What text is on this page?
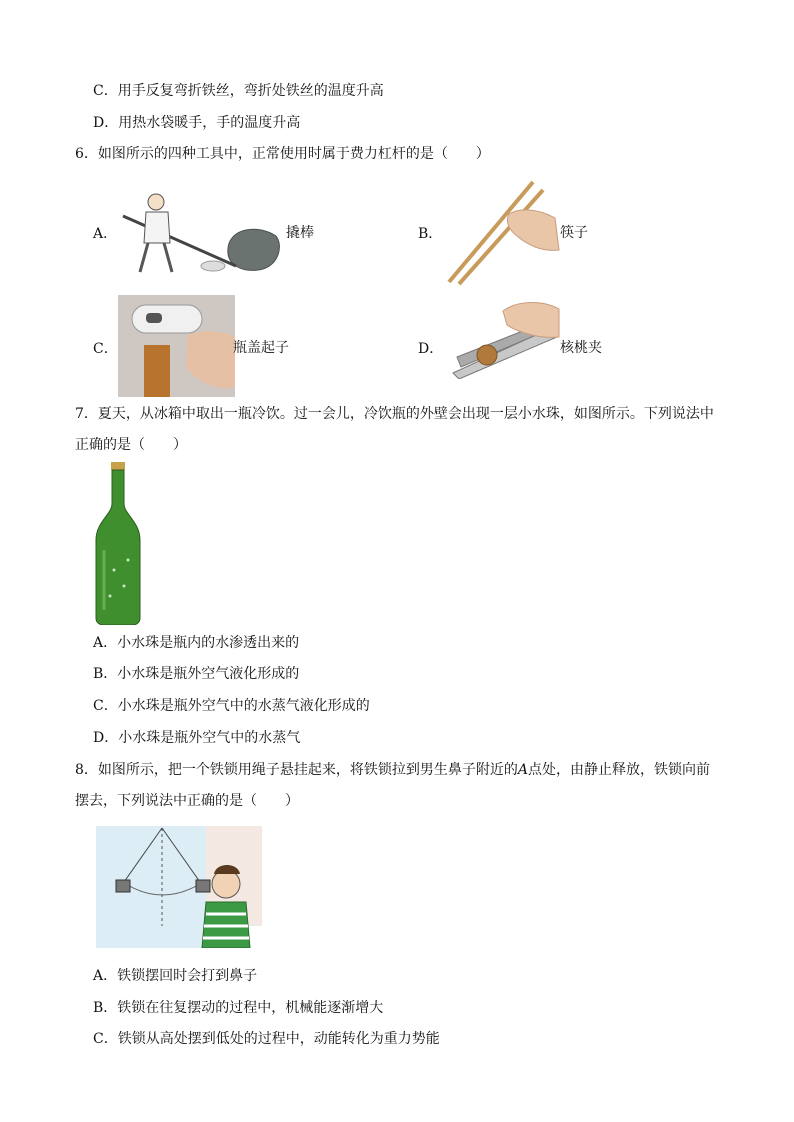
C．用手反复弯折铁丝，弯折处铁丝的温度升高
D．用热水袋暖手，手的温度升高
6．如图所示的四种工具中，正常使用时属于费力杠杆的是（　　）
A．	撬棒	B．	筷子
C．	瓶盖起子	D．	核桃夹
7．夏天，从冰箱中取出一瓶冷饮。过一会儿，冷饮瓶的外壁会出现一层小水珠，如图所示。下列说法中
正确的是（　　）
A．小水珠是瓶内的水渗透出来的
B．小水珠是瓶外空气液化形成的
C．小水珠是瓶外空气中的水蒸气液化形成的
D．小水珠是瓶外空气中的水蒸气
8．如图所示，把一个铁锁用绳子悬挂起来，将铁锁拉到男生鼻子附近的A点处，由静止释放，铁锁向前
摆去，下列说法中正确的是（　　）
A．铁锁摆回时会打到鼻子
B．铁锁在往复摆动的过程中，机械能逐渐增大
C．铁锁从高处摆到低处的过程中，动能转化为重力势能
